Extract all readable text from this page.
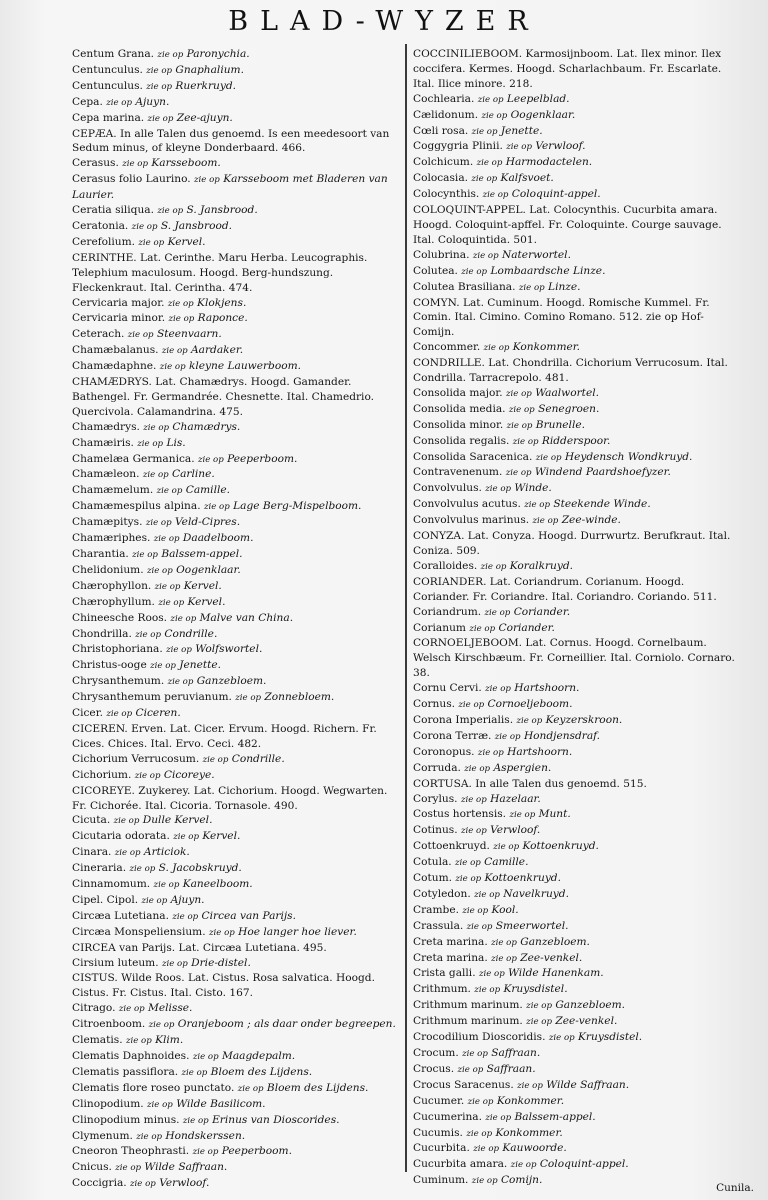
BLAD-WYZER
Centum Grana. zie op Paronychia.
Centunculus. zie op Gnaphalium.
Centunculus. zie op Ruerkruyd.
Cepa. zie op Ajuyn.
Cepa marina. zie op Zee-ajuyn.
CEPÆA. In alle Talen dus genoemd. Is een meedesoort van Sedum minus, of kleyne Donderbaard. 466.
Cerasus. zie op Karsseboom.
Cerasus folio Laurino. zie op Karsseboom met Bladeren van Laurier.
Ceratia siliqua. zie op S. Jansbrood.
Ceratonia. zie op S. Jansbrood.
Cerefolium. zie op Kervel.
CERINTHE. Lat. Cerinthe. Maru Herba. Leucographis. Telephium maculosum. Hoogd. Berg-hundszung. Fleckenkraut. Ital. Cerintha. 474.
Cervicaria major. zie op Klokjens.
Cervicaria minor. zie op Raponce.
Ceterach. zie op Steenvaarn.
Chamæbalanus. zie op Aardaker.
Chamædaphne. zie op kleyne Lauwerboom.
CHAMÆDRYS. Lat. Chamædrys. Hoogd. Gamander. Bathengel. Fr. Germandrée. Chesnette. Ital. Chamedrio. Quercivola. Calamandrina. 475.
Chamædrys. zie op Chamædrys.
Chamæiris. zie op Lis.
Chamelæa Germanica. zie op Peeperboom.
Chamæleon. zie op Carline.
Chamæmelum. zie op Camille.
Chamæmespilus alpina. zie op Lage Berg-Mispelboom.
Chamæpitys. zie op Veld-Cipres.
Chamæriphes. zie op Daadelboom.
Charantia. zie op Balssem-appel.
Chelidonium. zie op Oogenklaar.
Chærophyllon. zie op Kervel.
Chærophyllum. zie op Kervel.
Chineesche Roos. zie op Malve van China.
Chondrilla. zie op Condrille.
Christophoriana. zie op Wolfswortel.
Christus-ooge zie op Jenette.
Chrysanthemum. zie op Ganzebloem.
Chrysanthemum peruvianum. zie op Zonnebloem.
Cicer. zie op Ciceren.
CICEREN. Erven. Lat. Cicer. Ervum. Hoogd. Richern. Fr. Cices. Chices. Ital. Ervo. Ceci. 482.
Cichorium Verrucosum. zie op Condrille.
Cichorium. zie op Cicoreye.
CICOREYE. Zuykerey. Lat. Cichorium. Hoogd. Wegwarten. Fr. Cichorée. Ital. Cicoria. Tornasole. 490.
Cicuta. zie op Dulle Kervel.
Cicutaria odorata. zie op Kervel.
Cinara. zie op Articiok.
Cineraria. zie op S. Jacobskruyd.
Cinnamomum. zie op Kaneelboom.
Cipel. Cipol. zie op Ajuyn.
Circæa Lutetiana. zie op Circea van Parijs.
Circæa Monspeliensium. zie op Hoe langer hoe liever.
CIRCEA van Parijs. Lat. Circæa Lutetiana. 495.
Cirsium luteum. zie op Drie-distel.
CISTUS. Wilde Roos. Lat. Cistus. Rosa salvatica. Hoogd. Cistus. Fr. Cistus. Ital. Cisto. 167.
Citrago. zie op Melisse.
Citroenboom. zie op Oranjeboom ; als daar onder begreepen.
Clematis. zie op Klim.
Clematis Daphnoides. zie op Maagdepalm.
Clematis passiflora. zie op Bloem des Lijdens.
Clematis flore roseo punctato. zie op Bloem des Lijdens.
Clinopodium. zie op Wilde Basilicom.
Clinopodium minus. zie op Erinus van Dioscorides.
Clymenum. zie op Hondskerssen.
Cneoron Theophrasti. zie op Peeperboom.
Cnicus. zie op Wilde Saffraan.
Coccigria. zie op Verwloof.
COCCINILIEBOOM. Karmosijnboom. Lat. Ilex minor. Ilex coccifera. Kermes. Hoogd. Scharlachbaum. Fr. Escarlate. Ital. Ilice minore. 218.
Cochlearia. zie op Leepelblad.
Cælidonum. zie op Oogenklaar.
Cœli rosa. zie op Jenette.
Coggygria Plinii. zie op Verwloof.
Colchicum. zie op Harmodactelen.
Colocasia. zie op Kalfsvoet.
Colocynthis. zie op Coloquint-appel.
COLOQUINT-APPEL. Lat. Colocynthis. Cucurbita amara. Hoogd. Coloquint-apffel. Fr. Coloquinte. Courge sauvage. Ital. Coloquintida. 501.
Colubrina. zie op Naterwortel.
Colutea. zie op Lombaardsche Linze.
Colutea Brasiliana. zie op Linze.
COMYN. Lat. Cuminum. Hoogd. Romische Kummel. Fr. Comin. Ital. Cimino. Comino Romano. 512. zie op Hof-Comijn.
Concommer. zie op Konkommer.
CONDRILLE. Lat. Chondrilla. Cichorium Verrucosum. Ital. Condrilla. Tarracrepolo. 481.
Consolida major. zie op Waalwortel.
Consolida media. zie op Senegroen.
Consolida minor. zie op Brunelle.
Consolida regalis. zie op Ridderspoor.
Consolida Saracenica. zie op Heydensch Wondkruyd.
Contravenenum. zie op Windend Paardshoefyzer.
Convolvulus. zie op Winde.
Convolvulus acutus. zie op Steekende Winde.
Convolvulus marinus. zie op Zee-winde.
CONYZA. Lat. Conyza. Hoogd. Durrwurtz. Berufkraut. Ital. Coniza. 509.
Coralloides. zie op Koralkruyd.
CORIANDER. Lat. Coriandrum. Corianum. Hoogd. Coriander. Fr. Coriandre. Ital. Coriandro. Coriando. 511.
Coriandrum. zie op Coriander.
Corianum zie op Coriander.
CORNOELJEBOOM. Lat. Cornus. Hoogd. Cornelbaum. Welsch Kirschbæum. Fr. Corneillier. Ital. Corniolo. Cornaro. 38.
Cornu Cervi. zie op Hartshoorn.
Cornus. zie op Cornoeljeboom.
Corona Imperialis. zie op Keyzerskroon.
Corona Terræ. zie op Hondjensdraf.
Coronopus. zie op Hartshoorn.
Corruda. zie op Aspergien.
CORTUSA. In alle Talen dus genoemd. 515.
Corylus. zie op Hazelaar.
Costus hortensis. zie op Munt.
Cotinus. zie op Verwloof.
Cottoenkruyd. zie op Kottoenkruyd.
Cotula. zie op Camille.
Cotum. zie op Kottoenkruyd.
Cotyledon. zie op Navelkruyd.
Crambe. zie op Kool.
Crassula. zie op Smeerwortel.
Creta marina. zie op Ganzebloem.
Creta marina. zie op Zee-venkel.
Crista galli. zie op Wilde Hanenkam.
Crithmum. zie op Kruysdistel.
Crithmum marinum. zie op Ganzebloem.
Crithmum marinum. zie op Zee-venkel.
Crocodilium Dioscoridis. zie op Kruysdistel.
Crocum. zie op Saffraan.
Crocus. zie op Saffraan.
Crocus Saracenus. zie op Wilde Saffraan.
Cucumer. zie op Konkommer.
Cucumerina. zie op Balssem-appel.
Cucumis. zie op Konkommer.
Cucurbita. zie op Kauwoorde.
Cucurbita amara. zie op Coloquint-appel.
Cuminum. zie op Comijn.
Cunila.
